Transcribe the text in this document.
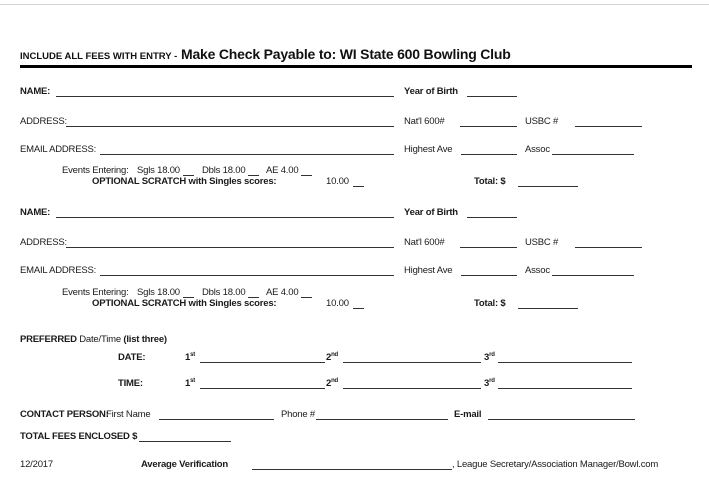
INCLUDE ALL FEES WITH ENTRY - Make Check Payable to: WI State 600 Bowling Club
NAME:	Year of Birth
ADDRESS:	Nat'l 600#	USBC #
EMAIL ADDRESS:	Highest Ave	Assoc
Events Entering: Sgls 18.00 Dbls 18.00 AE 4.00
OPTIONAL SCRATCH with Singles scores:	10.00	Total: $
NAME:	Year of Birth
ADDRESS:	Nat'l 600#	USBC #
EMAIL ADDRESS:	Highest Ave	Assoc
Events Entering: Sgls 18.00 Dbls 18.00 AE 4.00
OPTIONAL SCRATCH with Singles scores:	10.00	Total: $
PREFERRED Date/Time (list three)
DATE:	1st	2nd	3rd
TIME:	1st	2nd	3rd
CONTACT PERSON:
First Name	Phone #	E-mail
TOTAL FEES ENCLOSED $
12/2017	Average Verification	, League Secretary/Association Manager/Bowl.com
